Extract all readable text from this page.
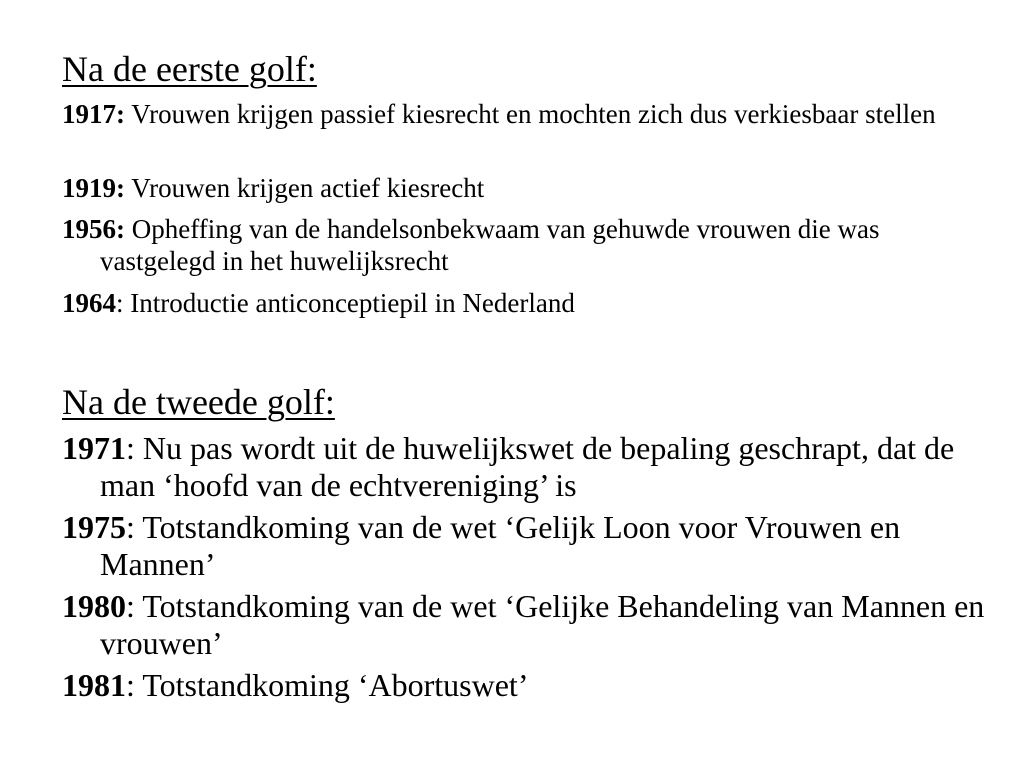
Na de eerste golf:

1917: Vrouwen krijgen passief kiesrecht en mochten zich dus verkiesbaar stellen

1919: Vrouwen krijgen actief kiesrecht

1956: Opheffing van de handelsonbekwaam van gehuwde vrouwen die was vastgelegd in het huwelijksrecht

1964: Introductie anticonceptiepil in Nederland

Na de tweede golf:

1971: Nu pas wordt uit de huwelijkswet de bepaling geschrapt, dat de man ‘hoofd van de echtvereniging’ is

1975: Totstandkoming van de wet ‘Gelijk Loon voor Vrouwen en Mannen’

1980: Totstandkoming van de wet ‘Gelijke Behandeling van Mannen en vrouwen’

1981: Totstandkoming ‘Abortuswet’
